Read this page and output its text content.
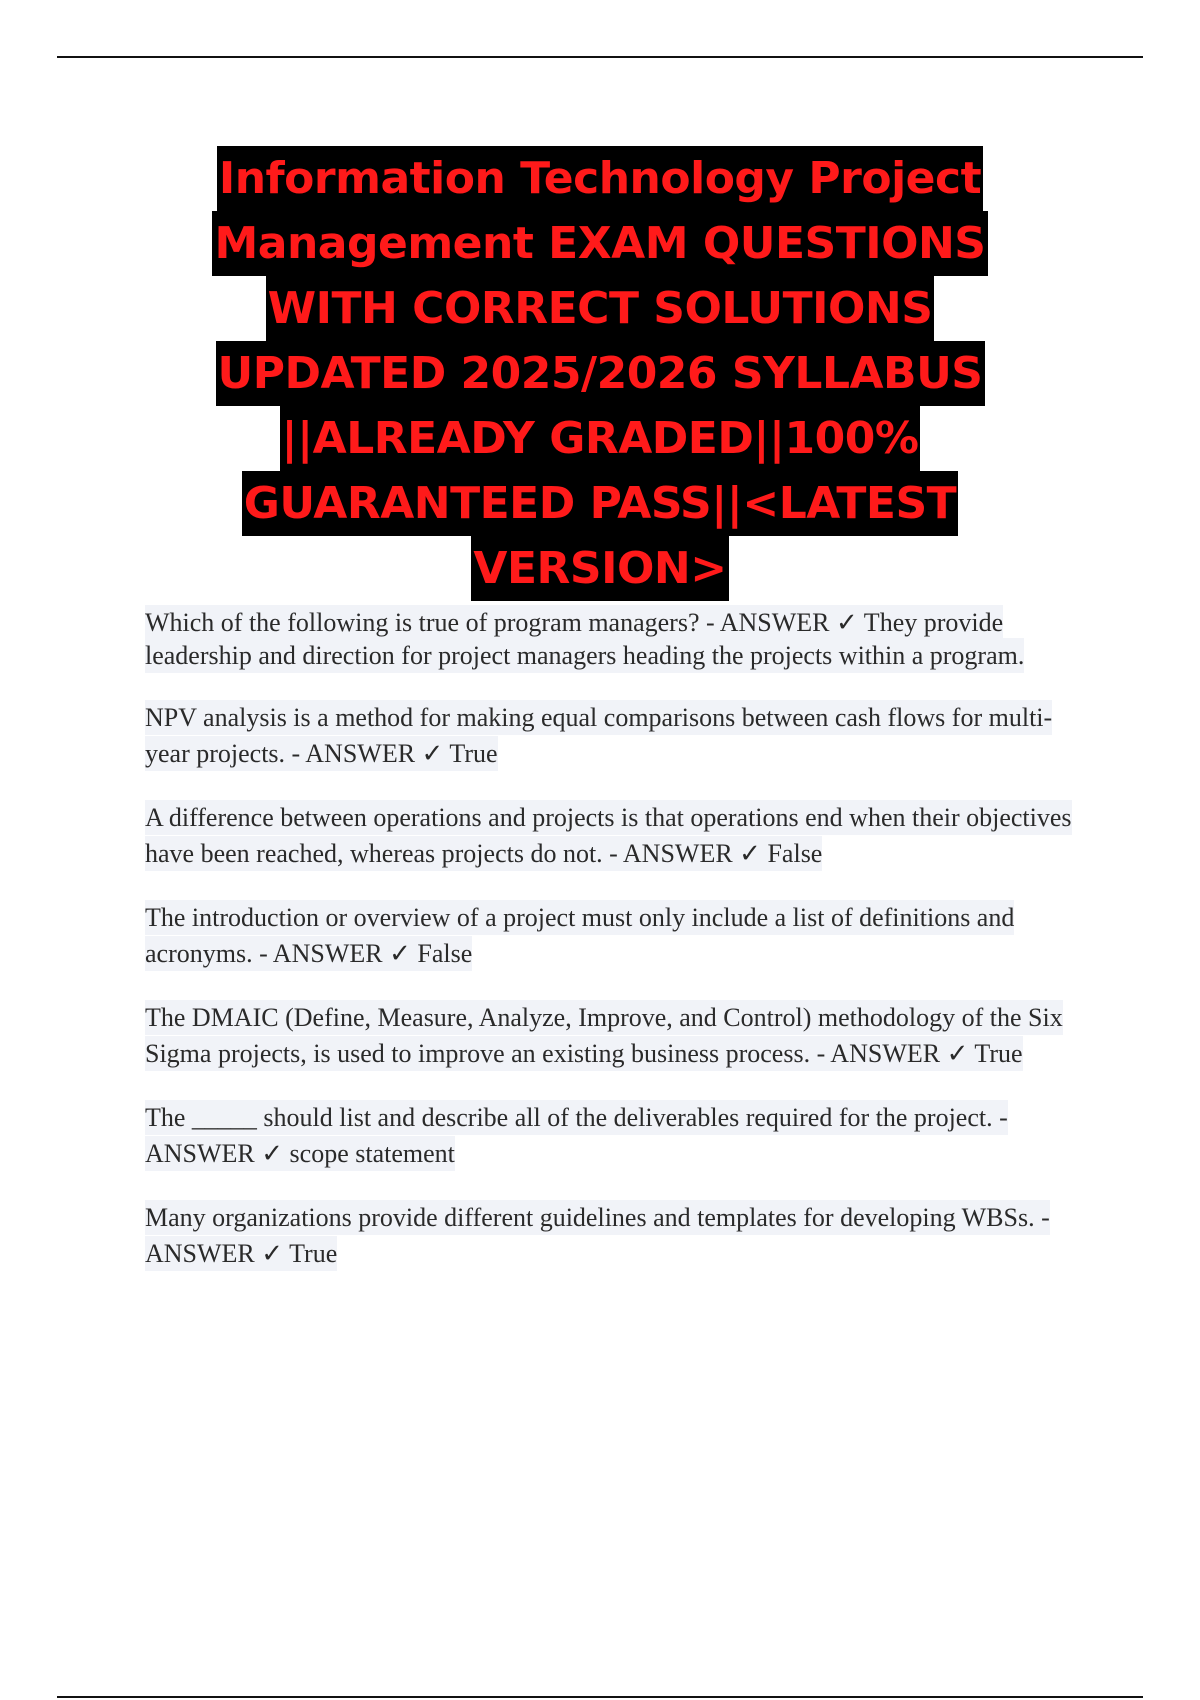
Information Technology Project
Management EXAM QUESTIONS
WITH CORRECT SOLUTIONS
UPDATED 2025/2026 SYLLABUS
||ALREADY GRADED||100%
GUARANTEED PASS||<LATEST
VERSION>
Which of the following is true of program managers? - ANSWER ✓ They provide leadership and direction for project managers heading the projects within a program.
NPV analysis is a method for making equal comparisons between cash flows for multi-year projects. - ANSWER ✓ True
A difference between operations and projects is that operations end when their objectives have been reached, whereas projects do not. - ANSWER ✓ False
The introduction or overview of a project must only include a list of definitions and acronyms. - ANSWER ✓ False
The DMAIC (Define, Measure, Analyze, Improve, and Control) methodology of the Six Sigma projects, is used to improve an existing business process. - ANSWER ✓ True
The _____ should list and describe all of the deliverables required for the project. - ANSWER ✓ scope statement
Many organizations provide different guidelines and templates for developing WBSs. - ANSWER ✓ True
